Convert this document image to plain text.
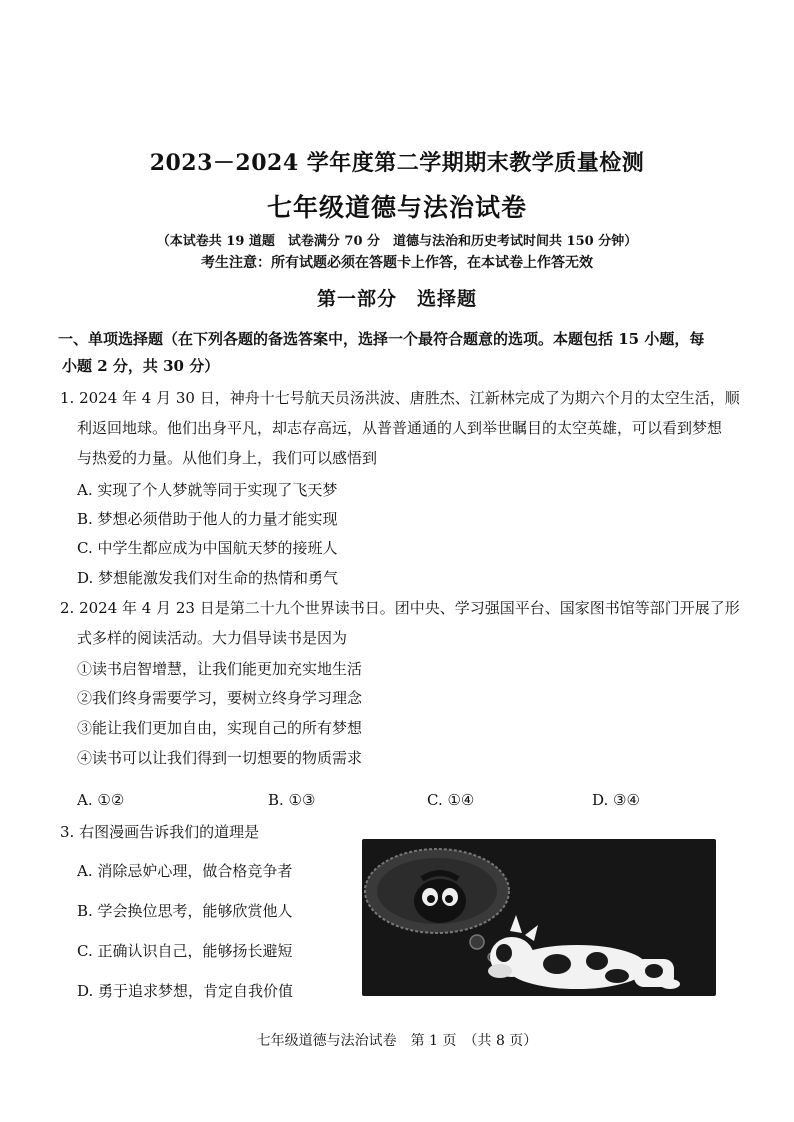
2023－2024 学年度第二学期期末教学质量检测
七年级道德与法治试卷
（本试卷共 19 道题　试卷满分 70 分　道德与法治和历史考试时间共 150 分钟）
考生注意：所有试题必须在答题卡上作答，在本试卷上作答无效
第一部分　选择题
一、单项选择题（在下列各题的备选答案中，选择一个最符合题意的选项。本题包括 15 小题，每
小题 2 分，共 30 分）
1. 2024 年 4 月 30 日，神舟十七号航天员汤洪波、唐胜杰、江新林完成了为期六个月的太空生活，顺
利返回地球。他们出身平凡，却志存高远，从普普通通的人到举世瞩目的太空英雄，可以看到梦想
与热爱的力量。从他们身上，我们可以感悟到
A. 实现了个人梦就等同于实现了飞天梦
B. 梦想必须借助于他人的力量才能实现
C. 中学生都应成为中国航天梦的接班人
D. 梦想能激发我们对生命的热情和勇气
2. 2024 年 4 月 23 日是第二十九个世界读书日。团中央、学习强国平台、国家图书馆等部门开展了形
式多样的阅读活动。大力倡导读书是因为
①读书启智增慧，让我们能更加充实地生活
②我们终身需要学习，要树立终身学习理念
③能让我们更加自由，实现自己的所有梦想
④读书可以让我们得到一切想要的物质需求
A. ①②	B. ①③	C. ①④	D. ③④
3. 右图漫画告诉我们的道理是
A. 消除忌妒心理，做合格竞争者
B. 学会换位思考，能够欣赏他人
C. 正确认识自己，能够扬长避短
D. 勇于追求梦想，肯定自我价值
七年级道德与法治试卷　第 1 页　（共 8 页）
